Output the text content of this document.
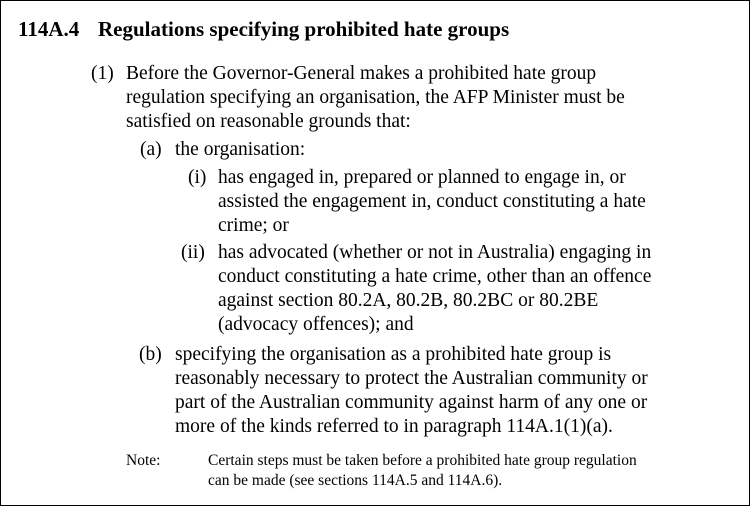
114A.4 Regulations specifying prohibited hate groups
(1) Before the Governor-General makes a prohibited hate group
regulation specifying an organisation, the AFP Minister must be
satisfied on reasonable grounds that:
(a) the organisation:
(i) has engaged in, prepared or planned to engage in, or
assisted the engagement in, conduct constituting a hate
crime; or
(ii) has advocated (whether or not in Australia) engaging in
conduct constituting a hate crime, other than an offence
against section 80.2A, 80.2B, 80.2BC or 80.2BE
(advocacy offences); and
(b) specifying the organisation as a prohibited hate group is
reasonably necessary to protect the Australian community or
part of the Australian community against harm of any one or
more of the kinds referred to in paragraph 114A.1(1)(a).
Note:	Certain steps must be taken before a prohibited hate group regulation
can be made (see sections 114A.5 and 114A.6).
